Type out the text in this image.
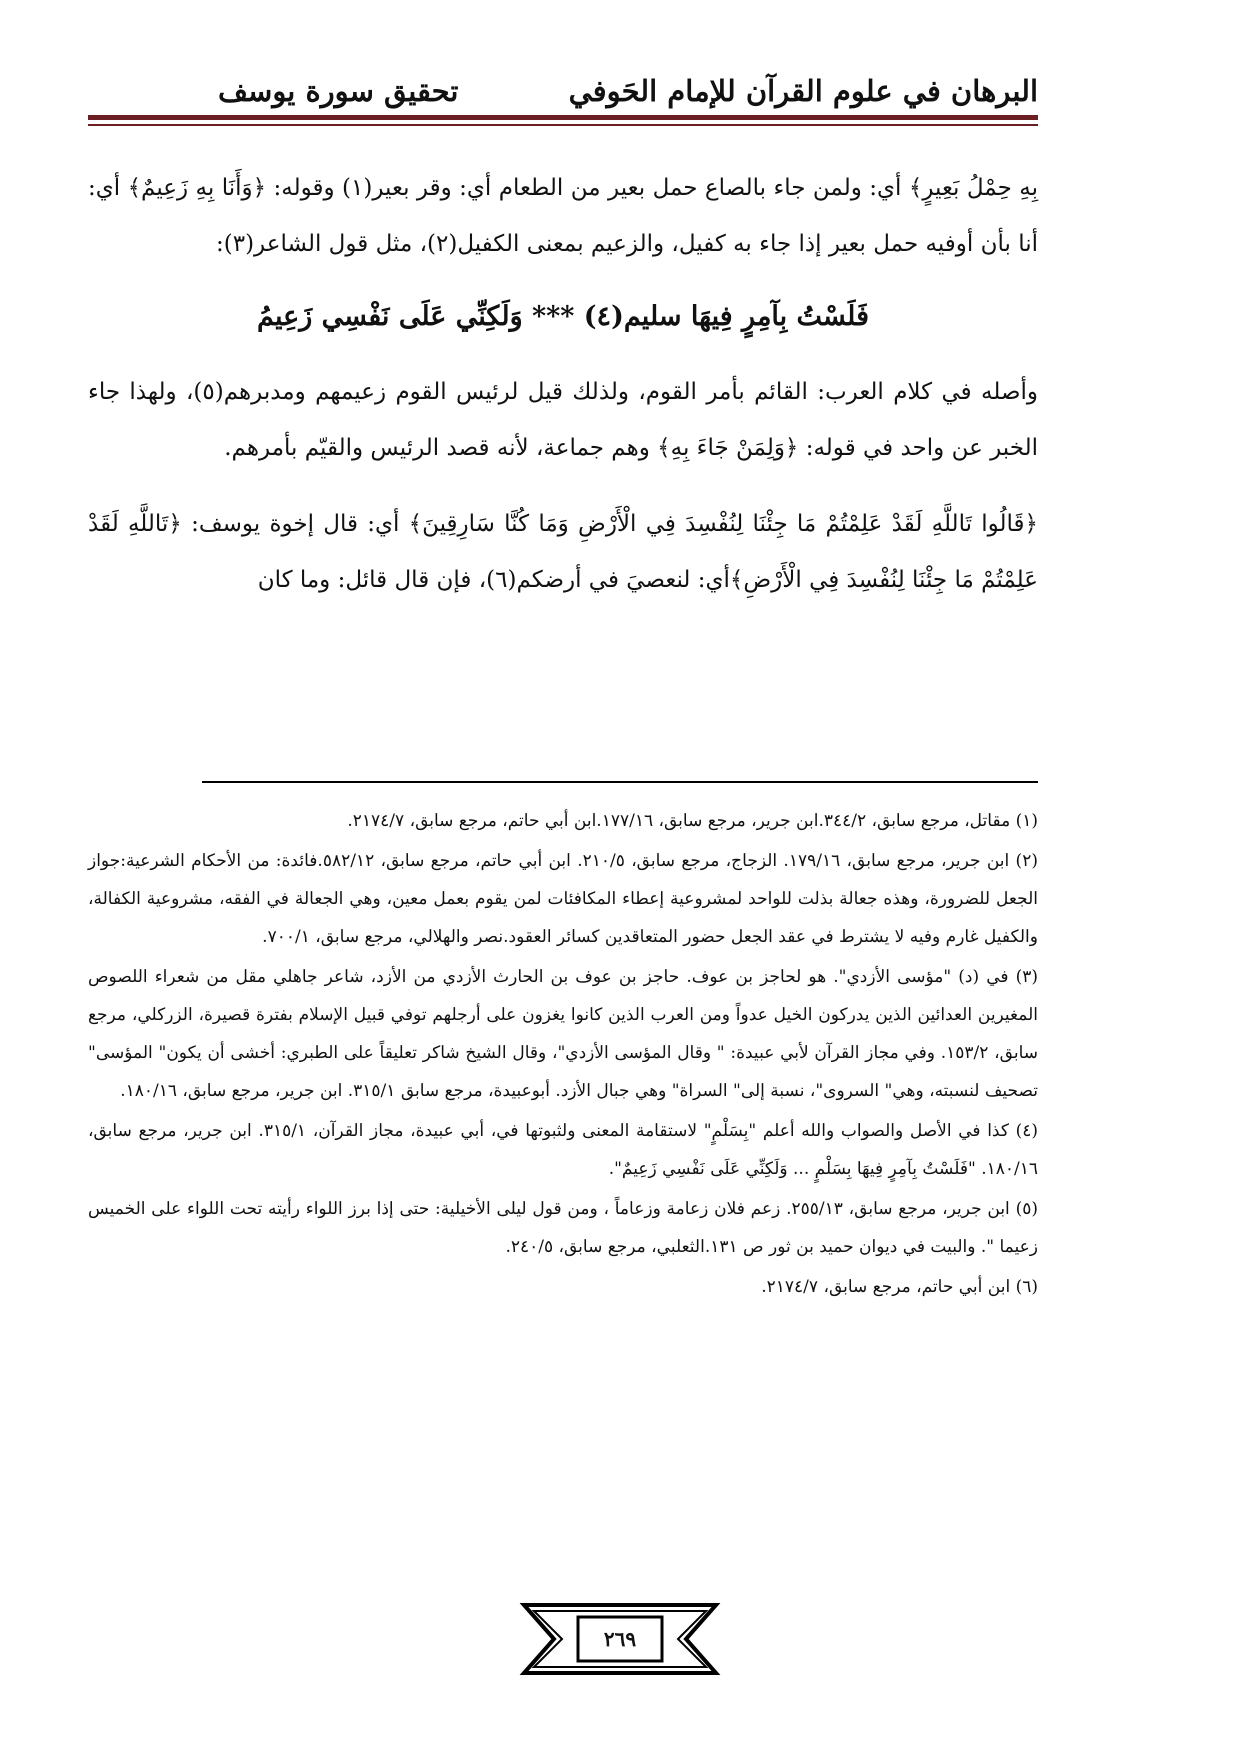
البرهان في علوم القرآن للإمام الحَوفي
تحقيق سورة يوسف

بِهِ حِمْلُ بَعِيرٍ﴾ أي: ولمن جاء بالصاع حمل بعير من الطعام أي: وقر بعير(١) وقوله: ﴿وَأَنَا بِهِ زَعِيمٌ﴾ أي: أنا بأن أوفيه حمل بعير إذا جاء به كفيل، والزعيم بمعنى الكفيل(٢)، مثل قول الشاعر(٣):

فَلَسْتُ بِآمِرٍ فِيهَا سليم(٤) *** وَلَكِنِّي عَلَى نَفْسِي زَعِيمُ

وأصله في كلام العرب: القائم بأمر القوم، ولذلك قيل لرئيس القوم زعيمهم ومدبرهم(٥)، ولهذا جاء الخبر عن واحد في قوله: ﴿وَلِمَنْ جَاءَ بِهِ﴾ وهم جماعة، لأنه قصد الرئيس والقيّم بأمرهم.

﴿قَالُوا تَاللَّهِ لَقَدْ عَلِمْتُمْ مَا جِئْنَا لِنُفْسِدَ فِي الْأَرْضِ وَمَا كُنَّا سَارِقِينَ﴾ أي: قال إخوة يوسف: ﴿تَاللَّهِ لَقَدْ عَلِمْتُمْ مَا جِئْنَا لِنُفْسِدَ فِي الْأَرْضِ﴾أي: لنعصيَ في أرضكم(٦)، فإن قال قائل: وما كان

(١) مقاتل، مرجع سابق، ٣٤٤/٢.ابن جرير، مرجع سابق، ١٧٧/١٦.ابن أبي حاتم، مرجع سابق، ٢١٧٤/٧.

(٢) ابن جرير، مرجع سابق، ١٧٩/١٦. الزجاج، مرجع سابق، ٢١٠/٥. ابن أبي حاتم، مرجع سابق، ٥٨٢/١٢.فائدة: من الأحكام الشرعية:جواز الجعل للضرورة، وهذه جعالة بذلت للواحد لمشروعية إعطاء المكافئات لمن يقوم بعمل معين، وهي الجعالة في الفقه، مشروعية الكفالة، والكفيل غارم وفيه لا يشترط في عقد الجعل حضور المتعاقدين كسائر العقود.نصر والهلالي، مرجع سابق، ٧٠٠/١.

(٣) في (د) "مؤسى الأزدي". هو لحاجز بن عوف. حاجز بن عوف بن الحارث الأزدي من الأزد، شاعر جاهلي مقل من شعراء اللصوص المغيرين العدائين الذين يدركون الخيل عدواً ومن العرب الذين كانوا يغزون على أرجلهم توفي قبيل الإسلام بفترة قصيرة، الزركلي، مرجع سابق، ١٥٣/٢. وفي مجاز القرآن لأبي عبيدة: " وقال المؤسى الأزدي"، وقال الشيخ شاكر تعليقاً على الطبري: أخشى أن يكون" المؤسى" تصحيف لنسبته، وهي" السروى"، نسبة إلى" السراة" وهي جبال الأزد. أبوعبيدة، مرجع سابق ٣١٥/١. ابن جرير، مرجع سابق، ١٨٠/١٦.

(٤) كذا في الأصل والصواب والله أعلم "بِسَلْمٍ" لاستقامة المعنى ولثبوتها في، أبي عبيدة، مجاز القرآن، ٣١٥/١. ابن جرير، مرجع سابق، ١٨٠/١٦. "فَلَسْتُ بِآمِرٍ فِيهَا بِسَلْمٍ ... وَلَكِنِّي عَلَى نَفْسِي زَعِيمٌ".

(٥) ابن جرير، مرجع سابق، ٢٥٥/١٣. زعم فلان زعامة وزعاماً ، ومن قول ليلى الأخيلية: حتى إذا برز اللواء رأيته تحت اللواء على الخميس زعيما ". والبيت في ديوان حميد بن ثور ص ١٣١.الثعلبي، مرجع سابق، ٢٤٠/٥.

(٦) ابن أبي حاتم، مرجع سابق، ٢١٧٤/٧.

٢٦٩
